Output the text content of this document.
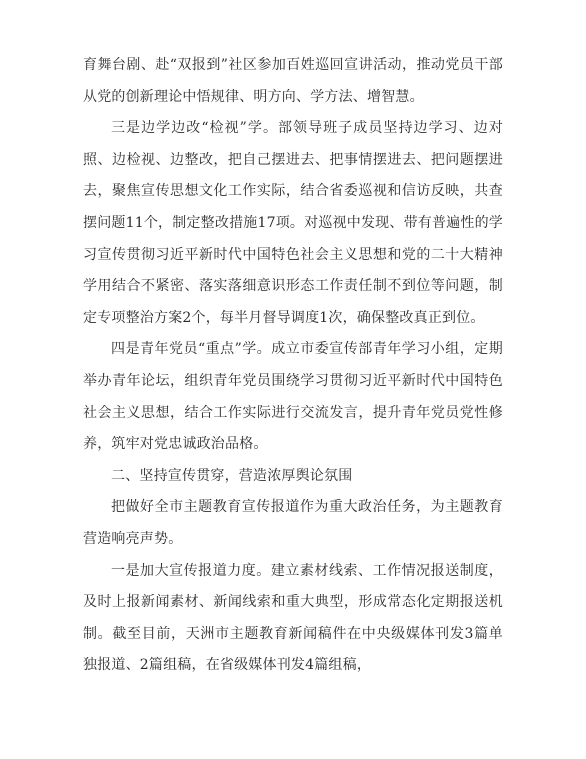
育舞台剧、赴“双报到”社区参加百姓巡回宣讲活动，推动党员干部从党的创新理论中悟规律、明方向、学方法、增智慧。

三是边学边改“检视”学。部领导班子成员坚持边学习、边对照、边检视、边整改，把自己摆进去、把事情摆进去、把问题摆进去，聚焦宣传思想文化工作实际，结合省委巡视和信访反映，共查摆问题11个，制定整改措施17项。对巡视中发现、带有普遍性的学习宣传贯彻习近平新时代中国特色社会主义思想和党的二十大精神学用结合不紧密、落实落细意识形态工作责任制不到位等问题，制定专项整治方案2个，每半月督导调度1次，确保整改真正到位。

四是青年党员“重点”学。成立市委宣传部青年学习小组，定期举办青年论坛，组织青年党员围绕学习贯彻习近平新时代中国特色社会主义思想，结合工作实际进行交流发言，提升青年党员党性修养，筑牢对党忠诚政治品格。

二、坚持宣传贯穿，营造浓厚舆论氛围

把做好全市主题教育宣传报道作为重大政治任务，为主题教育营造响亮声势。

一是加大宣传报道力度。建立素材线索、工作情况报送制度，及时上报新闻素材、新闻线索和重大典型，形成常态化定期报送机制。截至目前，天洲市主题教育新闻稿件在中央级媒体刊发3篇单独报道、2篇组稿，在省级媒体刊发4篇组稿，
